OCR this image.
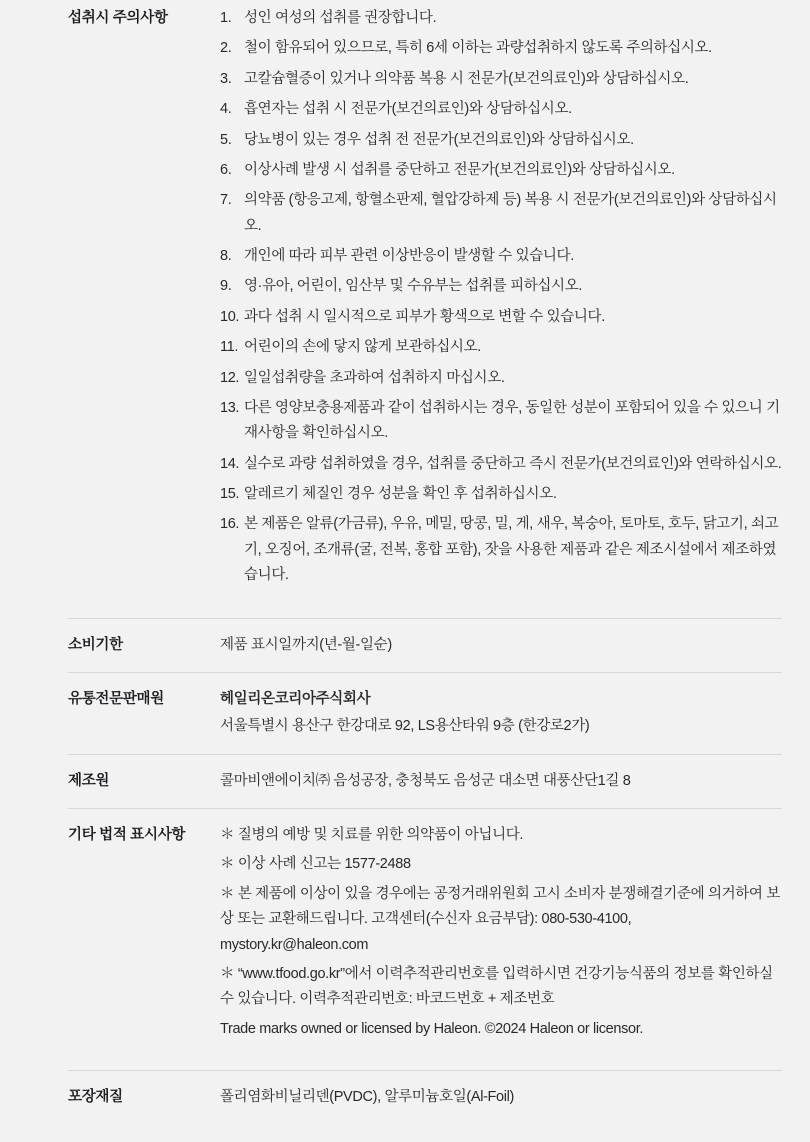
섭취시 주의사항	1. 성인 여성의 섭취를 권장합니다.
2. 철이 함유되어 있으므로, 특히 6세 이하는 과량섭취하지 않도록 주의하십시오.
3. 고칼슘혈증이 있거나 의약품 복용 시 전문가(보건의료인)와 상담하십시오.
4. 흡연자는 섭취 시 전문가(보건의료인)와 상담하십시오.
5. 당뇨병이 있는 경우 섭취 전 전문가(보건의료인)와 상담하십시오.
6. 이상사례 발생 시 섭취를 중단하고 전문가(보건의료인)와 상담하십시오.
7. 의약품 (항응고제, 항혈소판제, 혈압강하제 등) 복용 시 전문가(보건의료인)와 상담하십시오.
8. 개인에 따라 피부 관련 이상반응이 발생할 수 있습니다.
9. 영·유아, 어린이, 임산부 및 수유부는 섭취를 피하십시오.
10. 과다 섭취 시 일시적으로 피부가 황색으로 변할 수 있습니다.
11. 어린이의 손에 닿지 않게 보관하십시오.
12. 일일섭취량을 초과하여 섭취하지 마십시오.
13. 다른 영양보충용제품과 같이 섭취하시는 경우, 동일한 성분이 포함되어 있을 수 있으니 기재사항을 확인하십시오.
14. 실수로 과량 섭취하였을 경우, 섭취를 중단하고 즉시 전문가(보건의료인)와 연락하십시오.
15. 알레르기 체질인 경우 성분을 확인 후 섭취하십시오.
16. 본 제품은 알류(가금류), 우유, 메밀, 땅콩, 밀, 게, 새우, 복숭아, 토마토, 호두, 닭고기, 쇠고기, 오징어, 조개류(굴, 전복, 홍합 포함), 잣을 사용한 제품과 같은 제조시설에서 제조하였습니다.
소비기한	제품 표시일까지(년-월-일순)

유통전문판매원	헤일리온코리아주식회사

서울특별시 용산구 한강대로 92, LS용산타워 9층 (한강로2가)

제조원	콜마비앤에이치㈜ 음성공장, 충청북도 음성군 대소면 대풍산단1길 8

기타 법적 표시사항	＊ 질병의 예방 및 치료를 위한 의약품이 아닙니다.

＊ 이상 사례 신고는 1577-2488

＊ 본 제품에 이상이 있을 경우에는 공정거래위원회 고시 소비자 분쟁해결기준에 의거하여 보상 또는 교환해드립니다. 고객센터(수신자 요금부담): 080-530-4100, mystory.kr@haleon.com

＊ “www.tfood.go.kr”에서 이력추적관리번호를 입력하시면 건강기능식품의 정보를 확인하실 수 있습니다. 이력추적관리번호: 바코드번호 + 제조번호

Trade marks owned or licensed by Haleon. ©2024 Haleon or licensor.

포장재질	폴리염화비닐리덴(PVDC), 알루미늄호일(Al-Foil)
